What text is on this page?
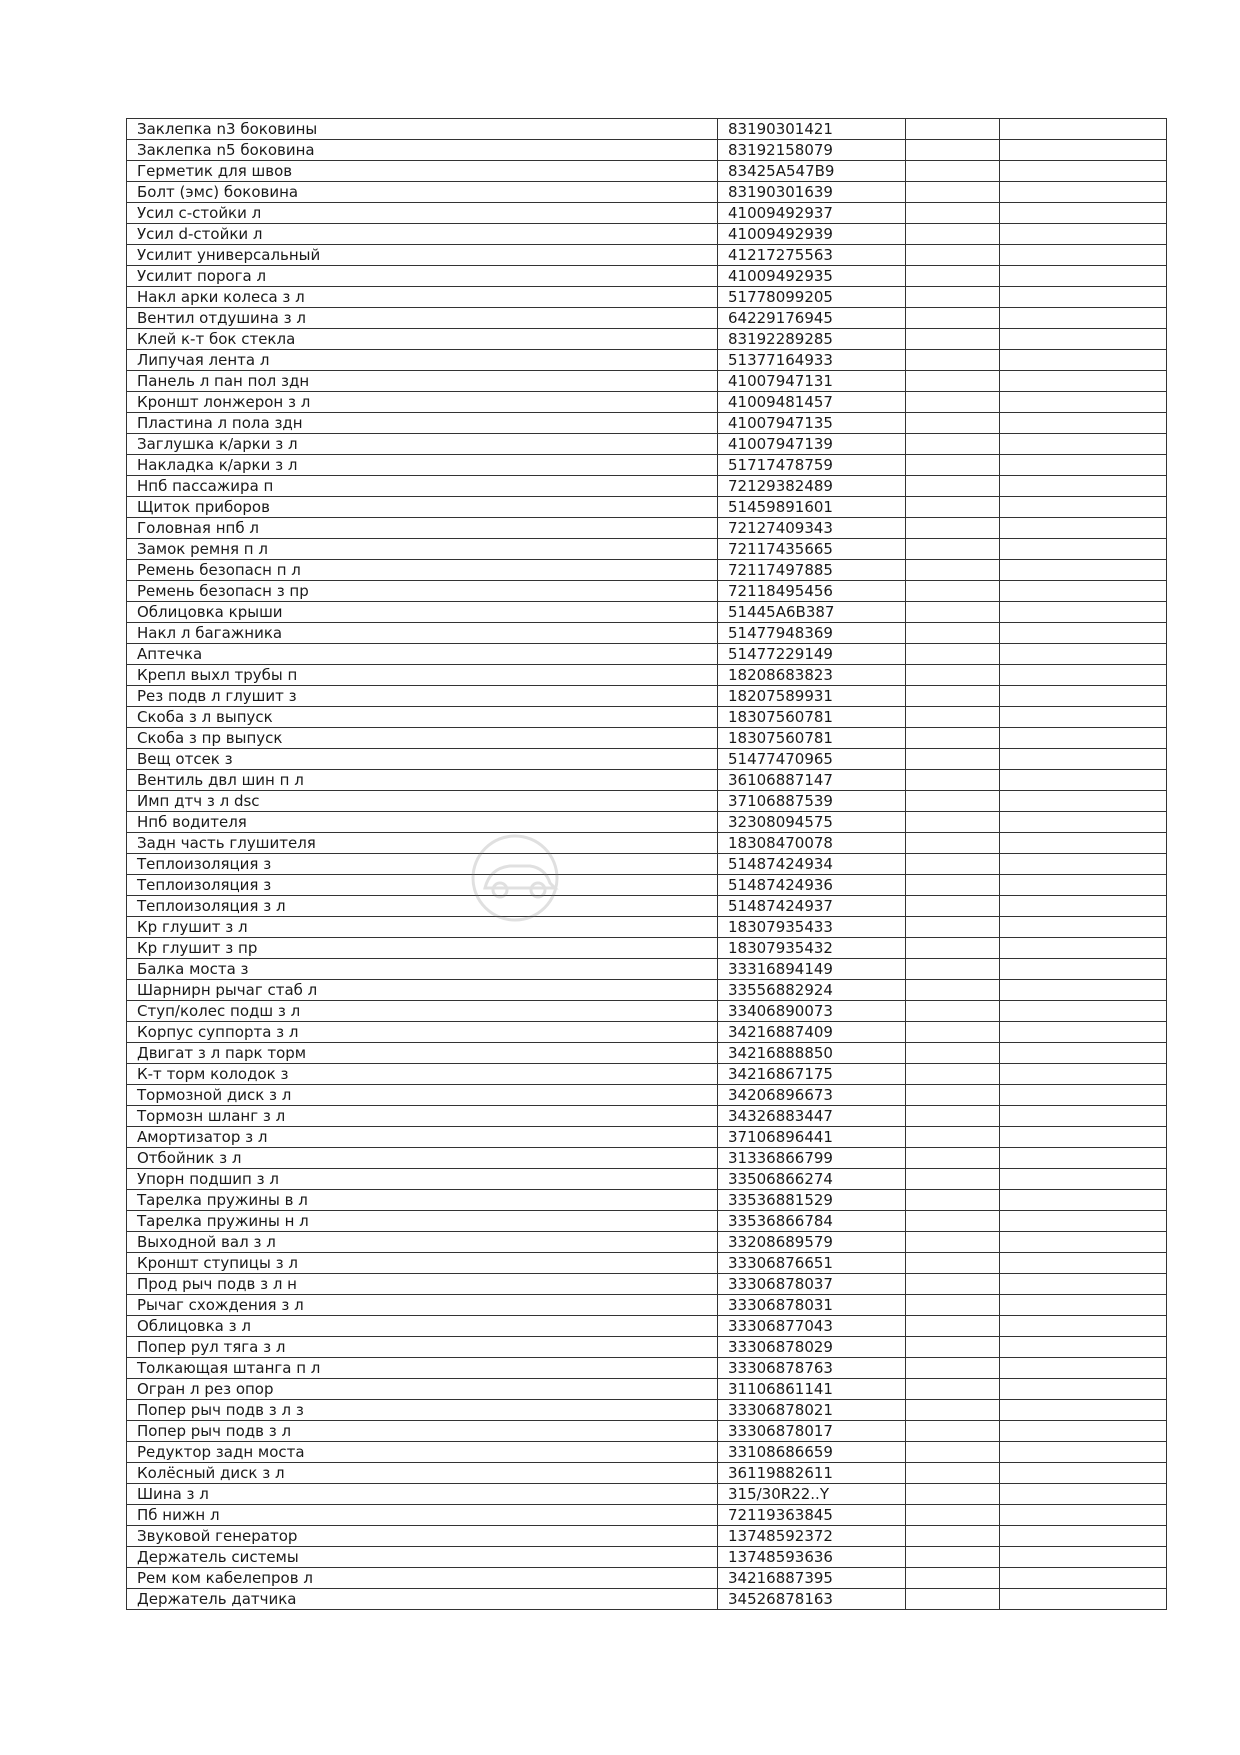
Заклепка n3 боковины	83190301421		
Заклепка n5 боковина	83192158079		
Герметик для швов	83425A547B9		
Болт (эмс) боковина	83190301639		
Усил c-стойки л	41009492937		
Усил d-стойки л	41009492939		
Усилит универсальный	41217275563		
Усилит порога л	41009492935		
Накл арки колеса з л	51778099205		
Вентил отдушина з л	64229176945		
Клей к-т бок стекла	83192289285		
Липучая лента л	51377164933		
Панель л пан пол здн	41007947131		
Кроншт лонжерон з л	41009481457		
Пластина л пола здн	41007947135		
Заглушка к/арки з л	41007947139		
Накладка к/арки з л	51717478759		
Нпб пассажира п	72129382489		
Щиток приборов	51459891601		
Головная нпб л	72127409343		
Замок ремня п л	72117435665		
Ремень безопасн п л	72117497885		
Ремень безопасн з пр	72118495456		
Облицовка крыши	51445A6B387		
Накл л багажника	51477948369		
Аптечка	51477229149		
Крепл выхл трубы п	18208683823		
Рез подв л глушит з	18207589931		
Скоба з л выпуск	18307560781		
Скоба з пр выпуск	18307560781		
Вещ отсек з	51477470965		
Вентиль двл шин п л	36106887147		
Имп дтч з л dsc	37106887539		
Нпб водителя	32308094575		
Задн часть глушителя	18308470078		
Теплоизоляция з	51487424934		
Теплоизоляция з	51487424936		
Теплоизоляция з л	51487424937		
Кр глушит з л	18307935433		
Кр глушит з пр	18307935432		
Балка моста з	33316894149		
Шарнирн рычаг стаб л	33556882924		
Ступ/колес подш з л	33406890073		
Корпус суппорта з л	34216887409		
Двигат з л парк торм	34216888850		
К-т торм колодок з	34216867175		
Тормозной диск з л	34206896673		
Тормозн шланг з л	34326883447		
Амортизатор з л	37106896441		
Отбойник з л	31336866799		
Упорн подшип з л	33506866274		
Тарелка пружины в л	33536881529		
Тарелка пружины н л	33536866784		
Выходной вал з л	33208689579		
Кроншт ступицы з л	33306876651		
Прод рыч подв з л н	33306878037		
Рычаг схождения з л	33306878031		
Облицовка з л	33306877043		
Попер рул тяга з л	33306878029		
Толкающая штанга п л	33306878763		
Огран л рез опор	31106861141		
Попер рыч подв з л з	33306878021		
Попер рыч подв з л	33306878017		
Редуктор задн моста	33108686659		
Колёсный диск з л	36119882611		
Шина з л	315/30R22..Y		
Пб нижн л	72119363845		
Звуковой генератор	13748592372		
Держатель системы	13748593636		
Рем ком кабелепров л	34216887395		
Держатель датчика	34526878163		
